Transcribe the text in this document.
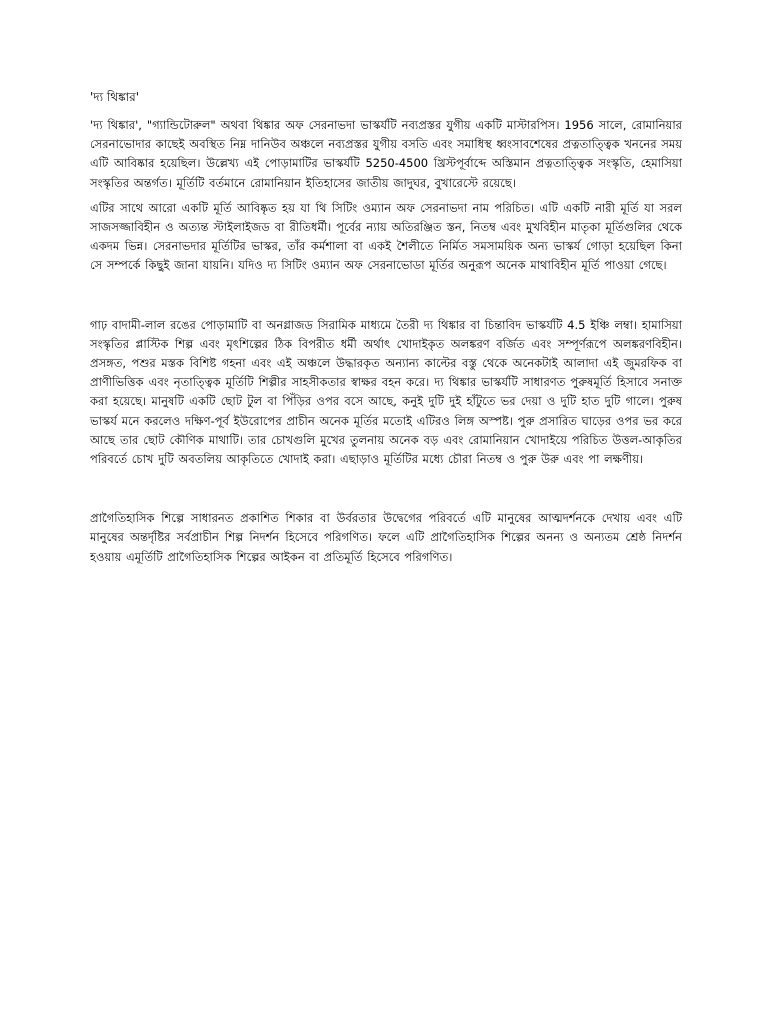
'দ্য থিঙ্কার'

'দ্য থিঙ্কার', "গ্যান্ডিটোরুল" অথবা থিঙ্কার অফ সেরনাভদা ভাস্কর্যটি নব্যপ্রস্তর যুগীয় একটি মাস্টারপিস। 1956 সালে, রোমানিয়ার সেরনাভোদার কাছেই অবস্থিত নিম্ন দানিউব অঞ্চলে নব্যপ্রস্তর যুগীয় বসতি এবং সমাধিস্থ ধ্বংসাবশেষের প্রত্নতাত্ত্বিক খননের সময় এটি আবিষ্কার হয়েছিল। উল্লেখ্য এই পোড়ামাটির ভাস্কর্যটি 5250-4500 খ্রিস্টপূর্বাব্দে অস্তিমান প্রত্নতাত্ত্বিক সংস্কৃতি, হেমাসিয়া সংস্কৃতির অন্তর্গত। মূর্তিটি বর্তমানে রোমানিয়ান ইতিহাসের জাতীয় জাদুঘর, বুখারেস্টে রয়েছে।

এটির সাথে আরো একটি মূর্তি আবিষ্কৃত হয় যা থি সিটিং ওম্যান অফ সেরনাভদা নাম পরিচিত। এটি একটি নারী মূর্তি যা সরল সাজসজ্জাবিহীন ও অত্যন্ত স্টাইলাইজড বা রীতিধর্মী। পূর্বের ন্যায় অতিরঞ্জিত স্তন, নিতম্ব এবং মুখবিহীন মাতৃকা মূর্তিগুলির থেকে একদম ভিন্ন। সেরনাভদার মূর্তিটির ভাস্কর, তাঁর কর্মশালা বা একই শৈলীতে নির্মিত সমসাময়িক অন্য ভাস্কর্য গোড়া হয়েছিল কিনা সে সম্পর্কে কিছুই জানা যায়নি। যদিও দ্য সিটিং ওম্যান অফ সেরনাভোডা মূর্তির অনুরূপ অনেক মাথাবিহীন মূর্তি পাওয়া গেছে।

গাঢ় বাদামী-লাল রঙের পোড়ামাটি বা অনগ্লাজড সিরামিক মাধ্যমে তৈরী দ্য থিঙ্কার বা চিন্তাবিদ ভাস্কর্যটি 4.5 ইঞ্চি লম্বা। হামাসিয়া সংস্কৃতির প্লাস্টিক শিল্প এবং মৃৎশিল্পের ঠিক বিপরীত ধর্মী অর্থাৎ খোদাইকৃত অলঙ্করণ বর্জিত এবং সম্পূর্ণরূপে অলঙ্করণবিহীন। প্রসঙ্গত, পশুর মস্তক বিশিষ্ট গহনা এবং এই অঞ্চলে উদ্ধারকৃত অন্যান্য কাল্টের বস্তু থেকে অনেকটাই আলাদা এই জুমরফিক বা প্রাণীভিত্তিক এবং নৃতাত্ত্বিক মূর্তিটি শিল্পীর সাহসীকতার স্বাক্ষর বহন করে। দ্য থিঙ্কার ভাস্কর্যটি সাধারণত পুরুষমূর্তি হিসাবে সনাক্ত করা হয়েছে। মানুষটি একটি ছোট টুল বা পিঁড়ির ওপর বসে আছে, কনুই দুটি দুই হাঁটুতে ভর দেয়া ও দুটি হাত দুটি গালে। পুরুষ ভাস্কর্য মনে করলেও দক্ষিণ-পূর্ব ইউরোপের প্রাচীন অনেক মূর্তির মতোই এটিরও লিঙ্গ অস্পষ্ট। পুরু প্রসারিত ঘাড়ের ওপর ভর করে আছে তার ছোট কৌণিক মাথাটি। তার চোখগুলি মুখের তুলনায় অনেক বড় এবং রোমানিয়ান খোদাইয়ে পরিচিত উত্তল-আকৃতির পরিবর্তে চোখ দুটি অবতলিয় আকৃতিতে খোদাই করা। এছাড়াও মূর্তিটির মধ্যে চৌরা নিতম্ব ও পুরু উরু এবং পা লক্ষণীয়।

প্রাগৈতিহাসিক শিল্পে সাধারনত প্রকাশিত শিকার বা উর্বরতার উদ্বেগের পরিবর্তে এটি মানুষের আত্মদর্শনকে দেখায় এবং এটি মানুষের অন্তর্দৃষ্টির সর্বপ্রাচীন শিল্প নিদর্শন হিসেবে পরিগণিত। ফলে এটি প্রাগৈতিহাসিক শিল্পের অনন্য ও অন্যতম শ্রেষ্ঠ নিদর্শন হওয়ায় এমূর্তিটি প্রাগৈতিহাসিক শিল্পের আইকন বা প্রতিমূর্তি হিসেবে পরিগণিত।
